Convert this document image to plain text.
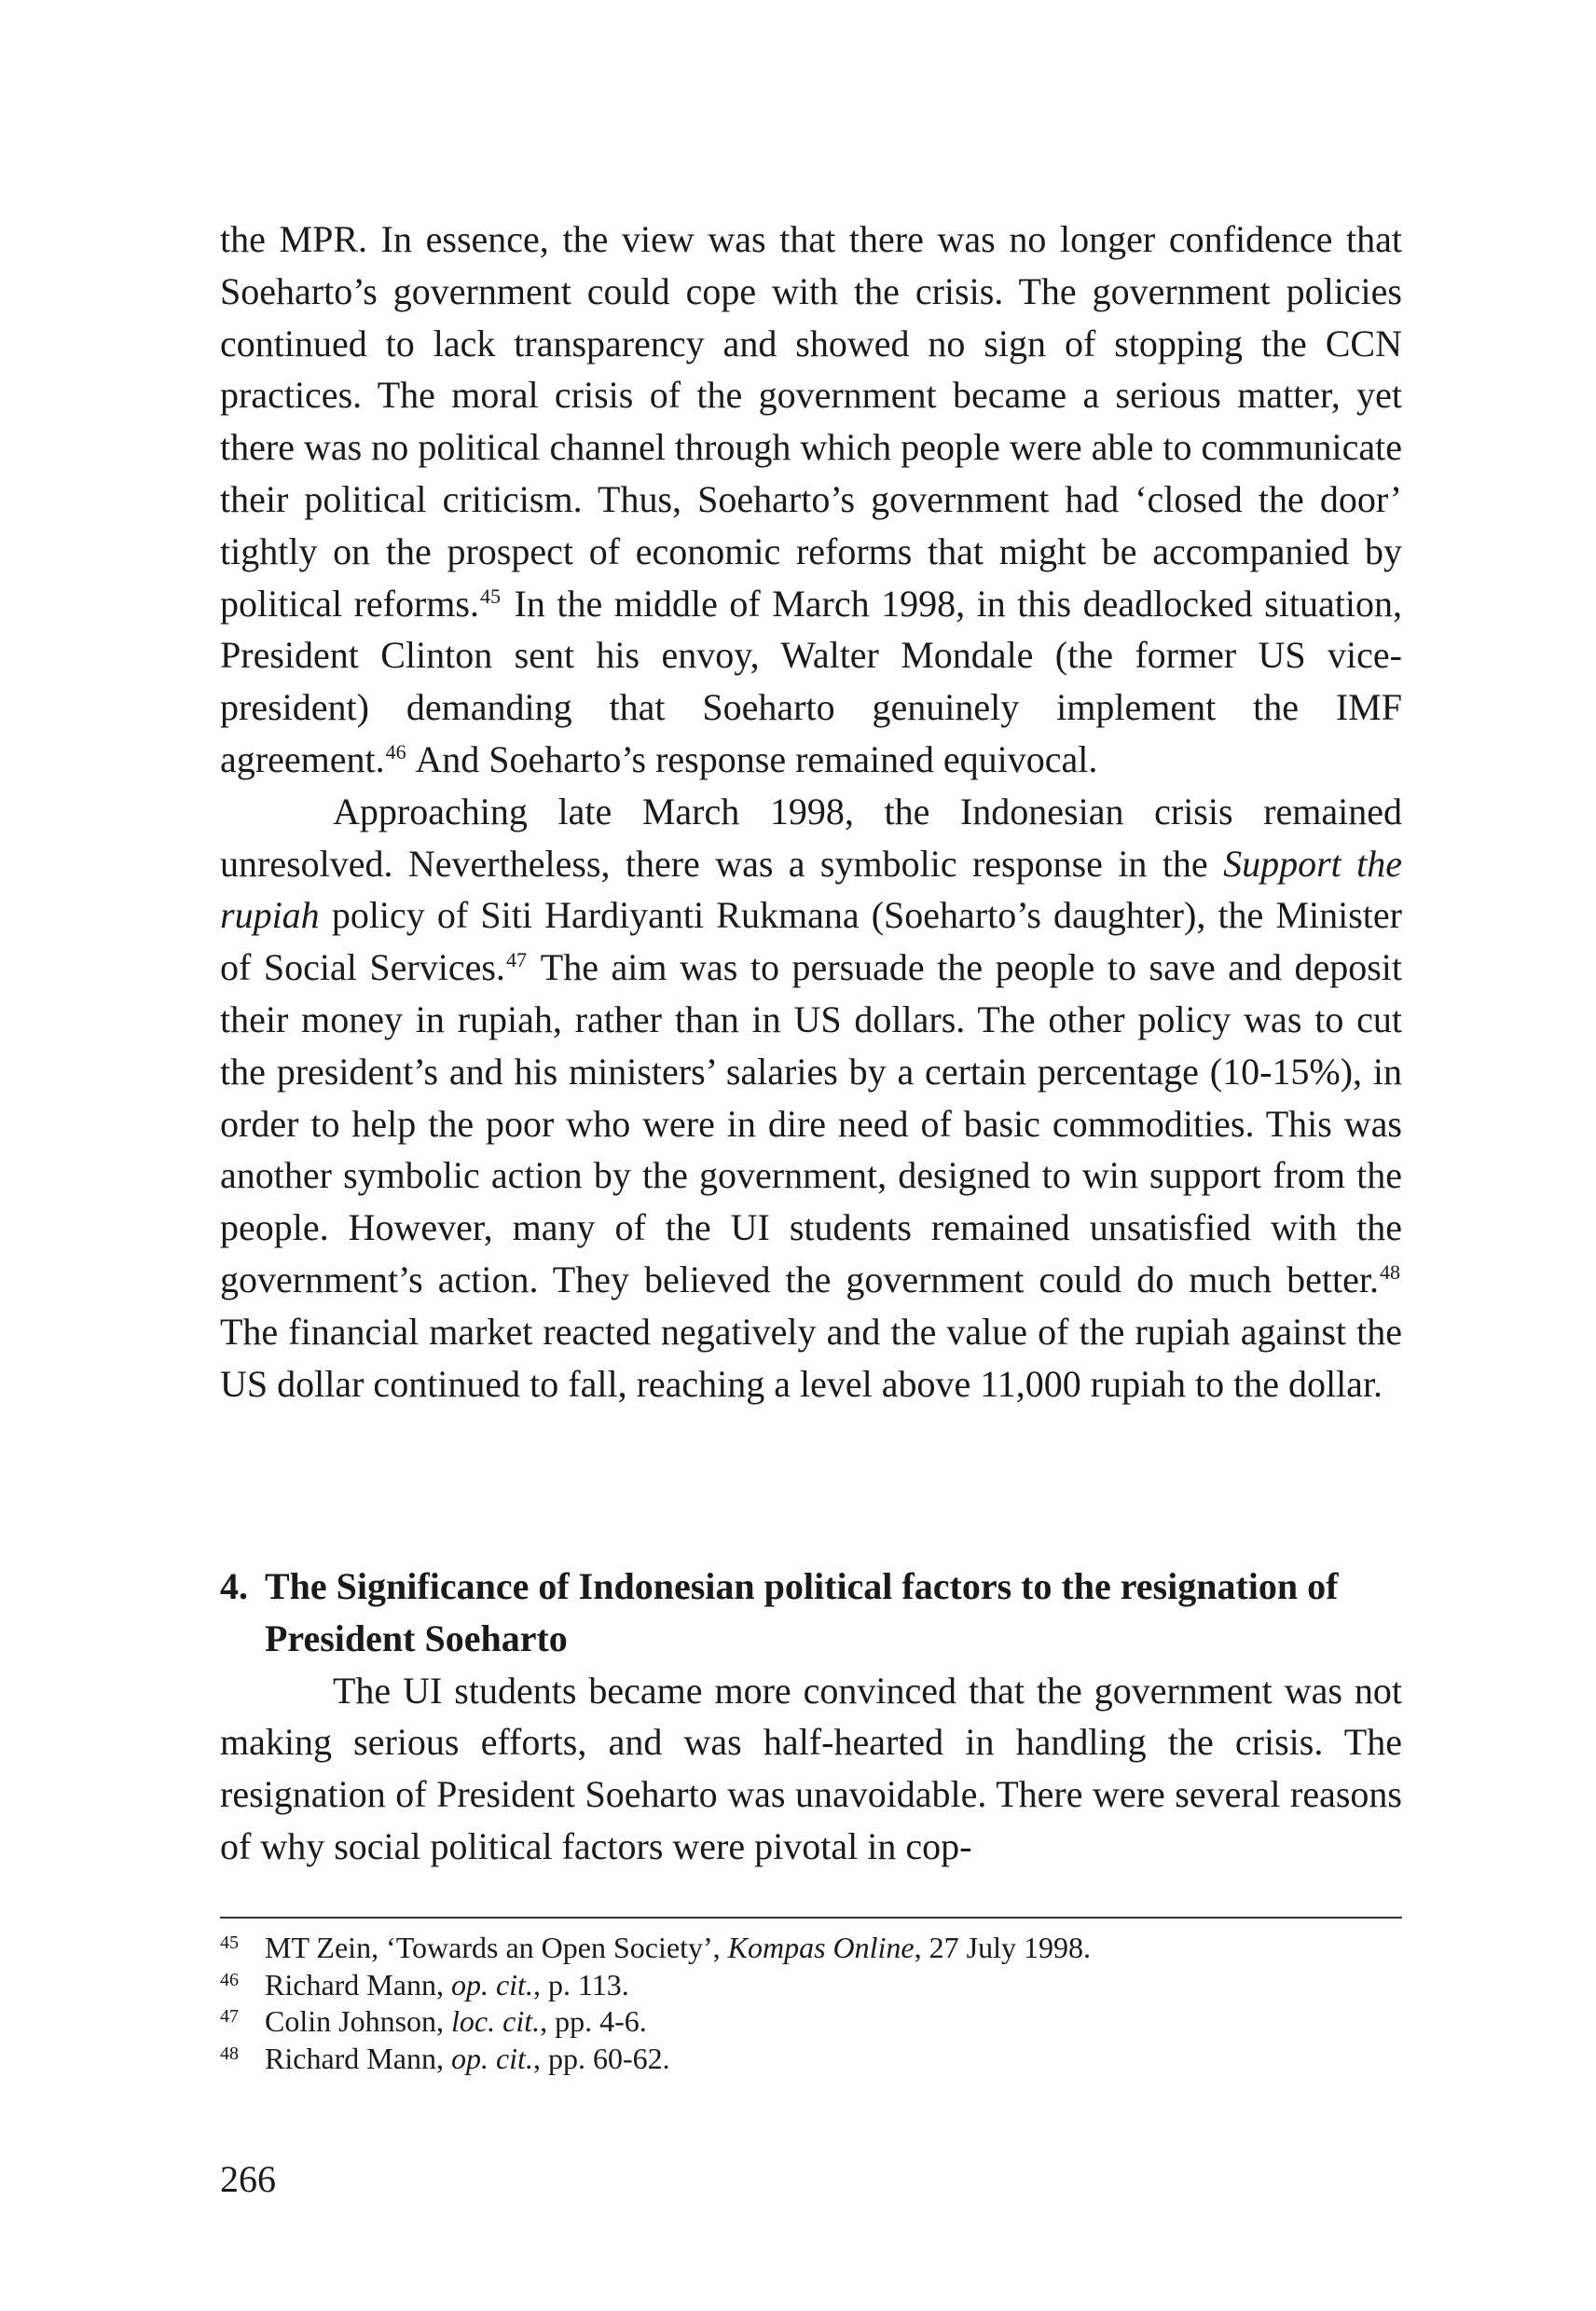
the MPR. In essence, the view was that there was no longer confidence that Soeharto’s government could cope with the crisis. The government policies continued to lack transparency and showed no sign of stopping the CCN practices. The moral crisis of the government became a serious matter, yet there was no political channel through which people were able to communicate their political criticism. Thus, Soeharto’s government had ‘closed the door’ tightly on the prospect of economic reforms that might be accompanied by political reforms.$^{45}$ In the middle of March 1998, in this deadlocked situation, President Clinton sent his envoy, Walter Mondale (the former US vice-president) demanding that Soeharto genuinely implement the IMF agreement.$^{46}$ And Soeharto’s response remained equivocal.

Approaching late March 1998, the Indonesian crisis remained unresolved. Nevertheless, there was a symbolic response in the Support the rupiah policy of Siti Hardiyanti Rukmana (Soeharto’s daughter), the Minister of Social Services.$^{47}$ The aim was to persuade the people to save and deposit their money in rupiah, rather than in US dollars. The other policy was to cut the president’s and his ministers’ salaries by a certain percentage (10-15%), in order to help the poor who were in dire need of basic commodities. This was another symbolic action by the government, designed to win support from the people. However, many of the UI students remained unsatisfied with the government’s action. They believed the government could do much better.$^{48}$ The financial market reacted negatively and the value of the rupiah against the US dollar continued to fall, reaching a level above 11,000 rupiah to the dollar.

4. The Significance of Indonesian political factors to the resignation of President Soeharto

The UI students became more convinced that the government was not making serious efforts, and was half-hearted in handling the crisis. The resignation of President Soeharto was unavoidable. There were several reasons of why social political factors were pivotal in cop-

45 MT Zein, ‘Towards an Open Society’, Kompas Online, 27 July 1998.

46 Richard Mann, op. cit., p. 113.

47 Colin Johnson, loc. cit., pp. 4-6.

48 Richard Mann, op. cit., pp. 60-62.

266
